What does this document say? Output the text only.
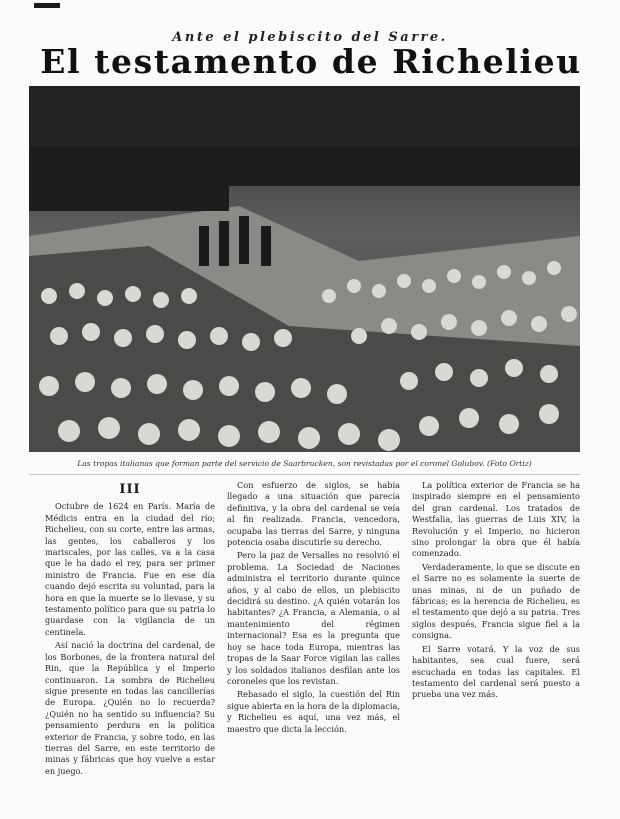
Ante el plebiscito del Sarre.
El testamento de Richelieu
Las tropas italianas que forman parte del servicio de Saarbrucken, son revistadas por el coronel Golubov. (Foto Ortiz)
III

Octubre de 1624 en París. María de Médicis entra en la ciudad del río; Richelieu, con su corte, entre las armas, las gentes, los caballeros y los mariscales, por las calles, va a la casa que le ha dado el rey, para ser primer ministro de Francia. Fue en ese día cuando dejó escrita su voluntad, para la hora en que la muerte se lo llevase, y su testamento político para que su patria lo guardase con la vigilancia de un centinela.

Así nació la doctrina del cardenal, de los Borbones, de la frontera natural del Rin, que la República y el Imperio continuaron. La sombra de Richelieu sigue presente en todas las cancillerías de Europa. ¿Quién no lo recuerda? ¿Quién no ha sentido su influencia? Su pensamiento perdura en la política exterior de Francia, y sobre todo, en las tierras del Sarre, en este territorio de minas y fábricas que hoy vuelve a estar en juego.

Con esfuerzo de siglos, se había llegado a una situación que parecía definitiva, y la obra del cardenal se veía al fin realizada. Francia, vencedora, ocupaba las tierras del Sarre, y ninguna potencia osaba discutirle su derecho.

Pero la paz de Versalles no resolvió el problema. La Sociedad de Naciones administra el territorio durante quince años, y al cabo de ellos, un plebiscito decidirá su destino. ¿A quién votarán los habitantes? ¿A Francia, a Alemania, o al mantenimiento del régimen internacional? Esa es la pregunta que hoy se hace toda Europa, mientras las tropas de la Saar Force vigilan las calles y los soldados italianos desfilan ante los coroneles que los revistan.

Rebasado el siglo, la cuestión del Rin sigue abierta en la hora de la diplomacia, y Richelieu es aquí, una vez más, el maestro que dicta la lección.

La política exterior de Francia se ha inspirado siempre en el pensamiento del gran cardenal. Los tratados de Westfalia, las guerras de Luis XIV, la Revolución y el Imperio, no hicieron sino prolongar la obra que él había comenzado.

Verdaderamente, lo que se discute en el Sarre no es solamente la suerte de unas minas, ni de un puñado de fábricas; es la herencia de Richelieu, es el testamento que dejó a su patria. Tres siglos después, Francia sigue fiel a la consigna.

El Sarre votará. Y la voz de sus habitantes, sea cual fuere, será escuchada en todas las capitales. El testamento del cardenal será puesto a prueba una vez más.
